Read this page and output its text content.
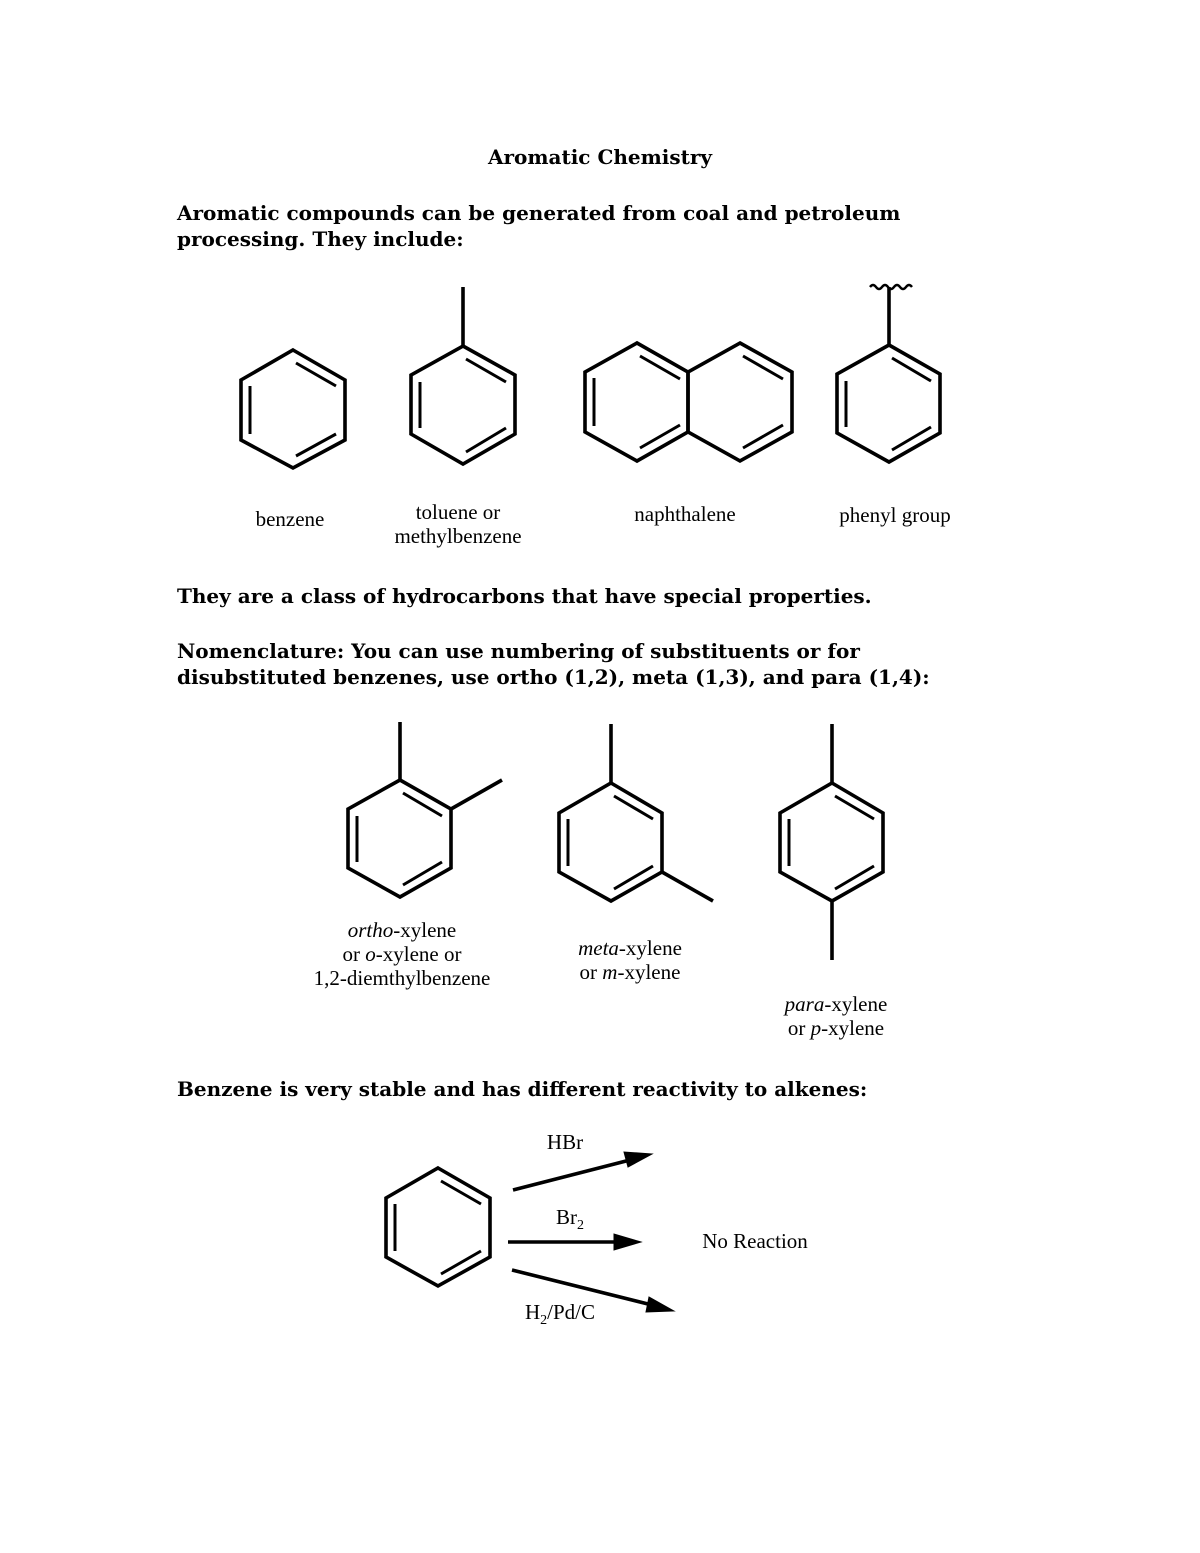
Aromatic Chemistry
Aromatic compounds can be generated from coal and petroleum processing. They include:
benzene	toluene or
methylbenzene
naphthalene	phenyl group
They are a class of hydrocarbons that have special properties.
Nomenclature: You can use numbering of substituents or for disubstituted benzenes, use ortho (1,2), meta (1,3), and para (1,4):
ortho-xylene
or o-xylene or
1,2-diemthylbenzene
meta-xylene
or m-xylene
para-xylene
or p-xylene
Benzene is very stable and has different reactivity to alkenes:
HBr
$Br_2$
$H_2/Pd/C$
No Reaction
